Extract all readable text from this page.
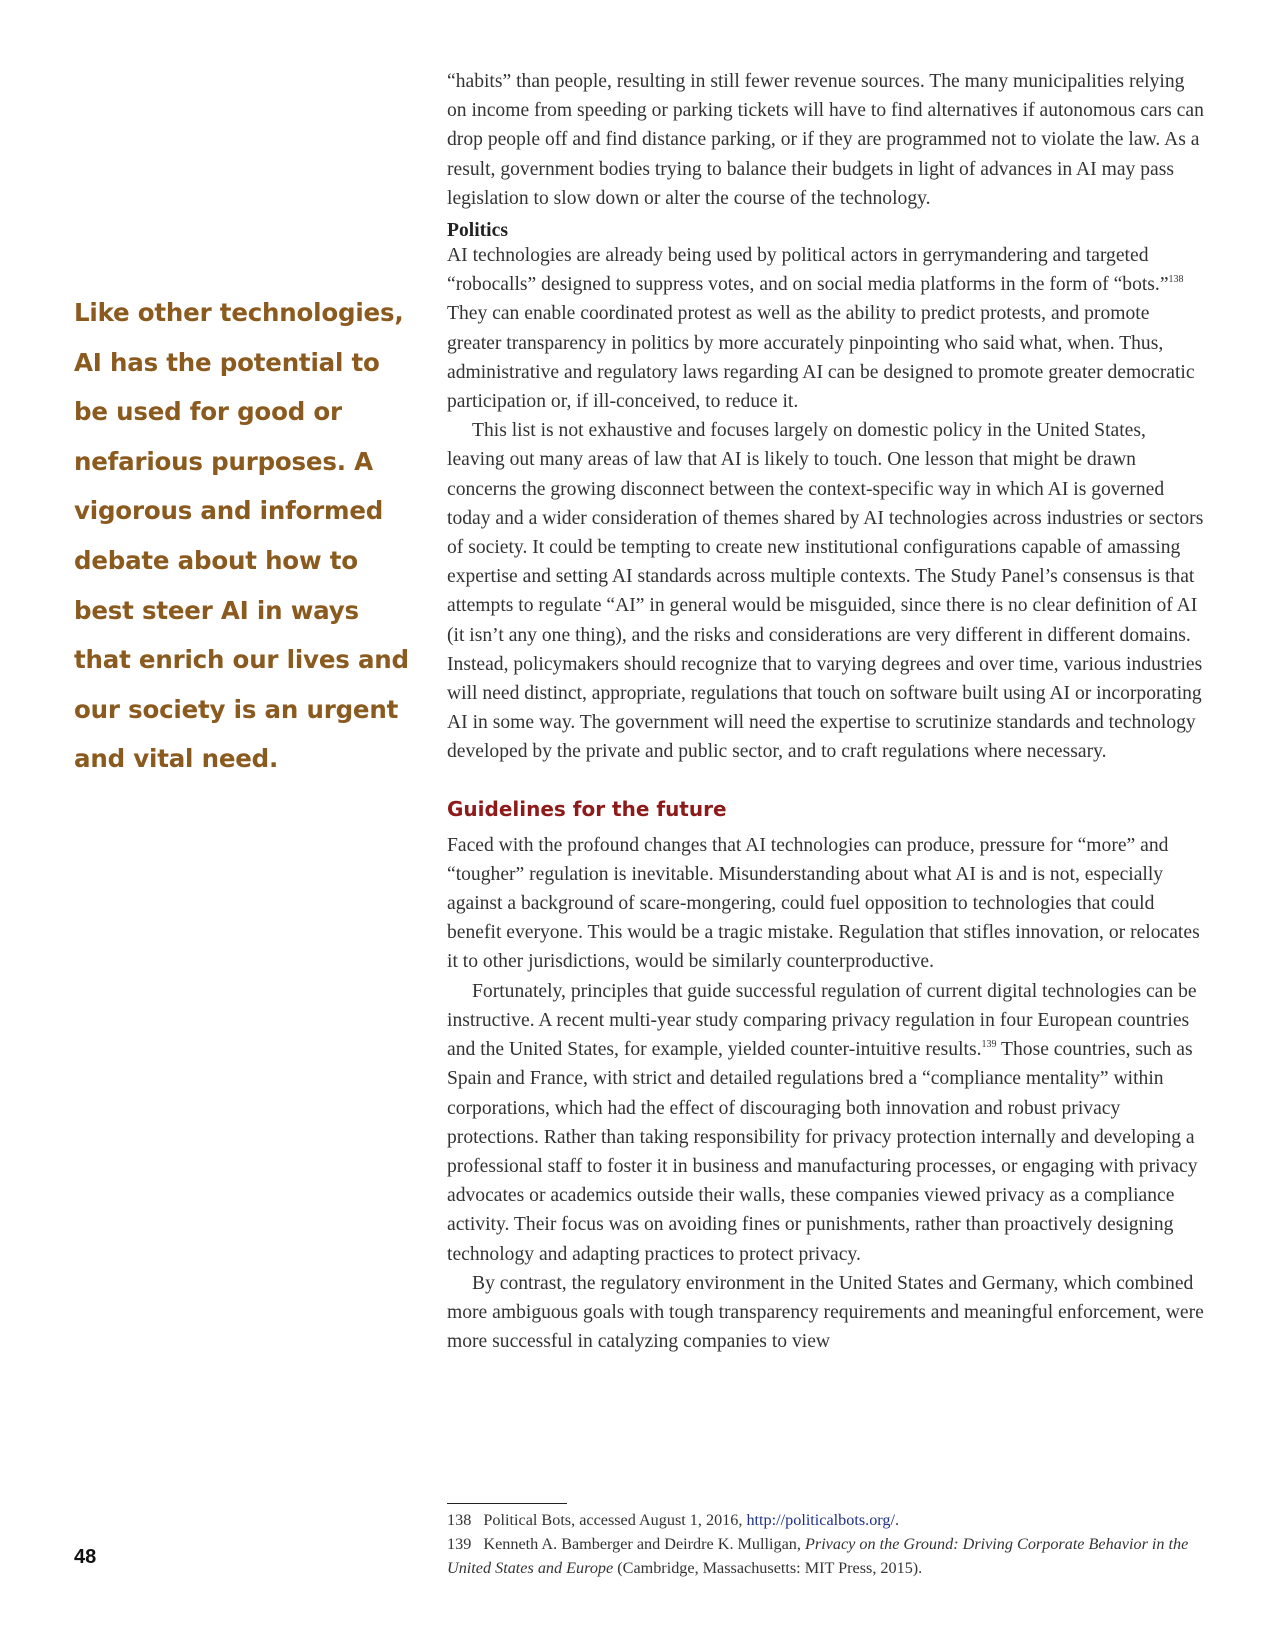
Like other technologies, AI has the potential to be used for good or nefarious purposes. A vigorous and informed debate about how to best steer AI in ways that enrich our lives and our society is an urgent and vital need.

“habits” than people, resulting in still fewer revenue sources. The many municipalities relying on income from speeding or parking tickets will have to find alternatives if autonomous cars can drop people off and find distance parking, or if they are programmed not to violate the law. As a result, government bodies trying to balance their budgets in light of advances in AI may pass legislation to slow down or alter the course of the technology.

Politics

AI technologies are already being used by political actors in gerrymandering and targeted “robocalls” designed to suppress votes, and on social media platforms in the form of “bots.”$^{138}$ They can enable coordinated protest as well as the ability to predict protests, and promote greater transparency in politics by more accurately pinpointing who said what, when. Thus, administrative and regulatory laws regarding AI can be designed to promote greater democratic participation or, if ill-conceived, to reduce it.

This list is not exhaustive and focuses largely on domestic policy in the United States, leaving out many areas of law that AI is likely to touch. One lesson that might be drawn concerns the growing disconnect between the context-specific way in which AI is governed today and a wider consideration of themes shared by AI technologies across industries or sectors of society. It could be tempting to create new institutional configurations capable of amassing expertise and setting AI standards across multiple contexts. The Study Panel’s consensus is that attempts to regulate “AI” in general would be misguided, since there is no clear definition of AI (it isn’t any one thing), and the risks and considerations are very different in different domains. Instead, policymakers should recognize that to varying degrees and over time, various industries will need distinct, appropriate, regulations that touch on software built using AI or incorporating AI in some way. The government will need the expertise to scrutinize standards and technology developed by the private and public sector, and to craft regulations where necessary.

Guidelines for the future

Faced with the profound changes that AI technologies can produce, pressure for “more” and “tougher” regulation is inevitable. Misunderstanding about what AI is and is not, especially against a background of scare-mongering, could fuel opposition to technologies that could benefit everyone. This would be a tragic mistake. Regulation that stifles innovation, or relocates it to other jurisdictions, would be similarly counterproductive.

Fortunately, principles that guide successful regulation of current digital technologies can be instructive. A recent multi-year study comparing privacy regulation in four European countries and the United States, for example, yielded counter-intuitive results.$^{139}$ Those countries, such as Spain and France, with strict and detailed regulations bred a “compliance mentality” within corporations, which had the effect of discouraging both innovation and robust privacy protections. Rather than taking responsibility for privacy protection internally and developing a professional staff to foster it in business and manufacturing processes, or engaging with privacy advocates or academics outside their walls, these companies viewed privacy as a compliance activity. Their focus was on avoiding fines or punishments, rather than proactively designing technology and adapting practices to protect privacy.

By contrast, the regulatory environment in the United States and Germany, which combined more ambiguous goals with tough transparency requirements and meaningful enforcement, were more successful in catalyzing companies to view

138 Political Bots, accessed August 1, 2016, http://politicalbots.org/.

139 Kenneth A. Bamberger and Deirdre K. Mulligan, Privacy on the Ground: Driving Corporate Behavior in the United States and Europe (Cambridge, Massachusetts: MIT Press, 2015).

48
